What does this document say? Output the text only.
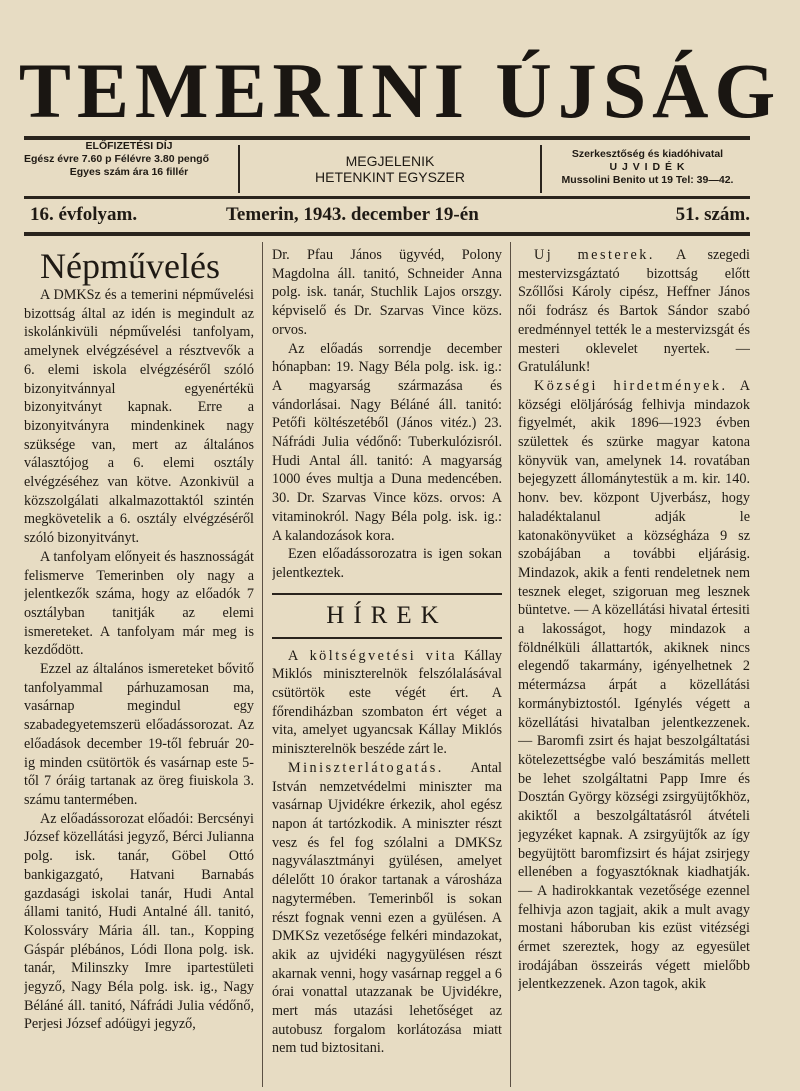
TEMERINI ÚJSÁG
ELŐFIZETÉSI DÍJ
Egész évre 7.60 p Félévre 3.80 pengő
Egyes szám ára 16 fillér
MEGJELENIK
HETENKINT EGYSZER
Szerkesztőség és kiadóhivatal
U J V I D É K
Mussolini Benito ut 19 Tel: 39—42.
16. évfolyam.	Temerin, 1943. december 19-én	51. szám.

Népművelés

A DMKSz és a temerini népművelési bizottság által az idén is megindult az iskolánkivüli népművelési tanfolyam, amelynek elvégzésével a résztvevők a 6. elemi iskola elvégzéséről szóló bizonyitvánnyal egyenértékü bizonyitványt kapnak. Erre a bizonyitványra mindenkinek nagy szüksége van, mert az általános választójog a 6. elemi osztály elvégzéséhez van kötve. Azonkivül a közszolgálati alkalmazottaktól szintén megkövetelik a 6. osztály elvégzéséről szóló bizonyitványt.

A tanfolyam előnyeit és hasznosságát felismerve Temerinben oly nagy a jelentkezők száma, hogy az előadók 7 osztályban tanitják az elemi ismereteket. A tanfolyam már meg is kezdődött.

Ezzel az általános ismereteket bővitő tanfolyammal párhuzamosan ma, vasárnap megindul egy szabadegyetemszerü előadássorozat. Az előadások december 19-től február 20-ig minden csütörtök és vasárnap este 5-től 7 óráig tartanak az öreg fiuiskola 3. számu tantermében.

Az előadássorozat előadói: Bercsényi József közellátási jegyző, Bérci Julianna polg. isk. tanár, Göbel Ottó bankigazgató, Hatvani Barnabás gazdasági iskolai tanár, Hudi Antal állami tanitó, Hudi Antalné áll. tanitó, Kolossváry Mária áll. tan., Kopping Gáspár plébános, Lódi Ilona polg. isk. tanár, Milinszky Imre ipartestületi jegyző, Nagy Béla polg. isk. ig., Nagy Béláné áll. tanitó, Náfrádi Julia védőnő, Perjesi József adóügyi jegyző,

Dr. Pfau János ügyvéd, Polony Magdolna áll. tanitó, Schneider Anna polg. isk. tanár, Stuchlik Lajos orszgy. képviselő és Dr. Szarvas Vince közs. orvos.

Az előadás sorrendje december hónapban: 19. Nagy Béla polg. isk. ig.: A magyarság származása és vándorlásai. Nagy Béláné áll. tanitó: Petőfi költészetéből (János vitéz.) 23. Náfrádi Julia védőnő: Tuberkulózisról. Hudi Antal áll. tanitó: A magyarság 1000 éves multja a Duna medencében. 30. Dr. Szarvas Vince közs. orvos: A vitaminokról. Nagy Béla polg. isk. ig.: A kalandozások kora.

Ezen előadássorozatra is igen sokan jelentkeztek.

HÍREK

A költségvetési vita Kállay Miklós miniszterelnök felszólalásával csütörtök este végét ért. A főrendiházban szombaton ért véget a vita, amelyet ugyancsak Kállay Miklós miniszterelnök beszéde zárt le.

Miniszterlátogatás. Antal István nemzetvédelmi miniszter ma vasárnap Ujvidékre érkezik, ahol egész napon át tartózkodik. A miniszter részt vesz és fel fog szólalni a DMKSz nagyválasztmányi gyülésen, amelyet délelőtt 10 órakor tartanak a városháza nagytermében. Temerinből is sokan részt fognak venni ezen a gyülésen. A DMKSz vezetősége felkéri mindazokat, akik az ujvidéki nagygyülésen részt akarnak venni, hogy vasárnap reggel a 6 órai vonattal utazzanak be Ujvidékre, mert más utazási lehetőséget az autobusz forgalom korlátozása miatt nem tud biztositani.

Uj mesterek. A szegedi mestervizsgáztató bizottság előtt Szőllősi Károly cipész, Heffner János női fodrász és Bartok Sándor szabó eredménnyel tették le a mestervizsgát és mesteri oklevelet nyertek. — Gratulálunk!

Községi hirdetmények. A községi elöljáróság felhivja mindazok figyelmét, akik 1896—1923 évben születtek és szürke magyar katona könyvük van, amelynek 14. rovatában bejegyzett állománytestük a m. kir. 140. honv. bev. központ Ujverbász, hogy haladéktalanul adják le katonakönyvüket a községháza 9 sz szobájában a további eljárásig. Mindazok, akik a fenti rendeletnek nem tesznek eleget, szigoruan meg lesznek büntetve. — A közellátási hivatal értesiti a lakosságot, hogy mindazok a földnélküli állattartók, akiknek nincs elegendő takarmány, igényelhetnek 2 métermázsa árpát a közellátási kormánybiztostól. Igénylés végett a közellátási hivatalban jelentkezzenek. — Baromfi zsirt és hajat beszolgáltatási kötelezettségbe való beszámitás mellett be lehet szolgáltatni Papp Imre és Dosztán György községi zsirgyüjtőkhöz, akiktől a beszolgáltatásról átvételi jegyzéket kapnak. A zsirgyüjtők az így begyüjtött baromfizsirt és hájat zsirjegy ellenében a fogyasztóknak kiadhatják. — A hadirokkantak vezetősége ezennel felhivja azon tagjait, akik a mult avagy mostani háboruban kis ezüst vitézségi érmet szereztek, hogy az egyesület irodájában összeirás végett mielőbb jelentkezzenek. Azon tagok, akik
